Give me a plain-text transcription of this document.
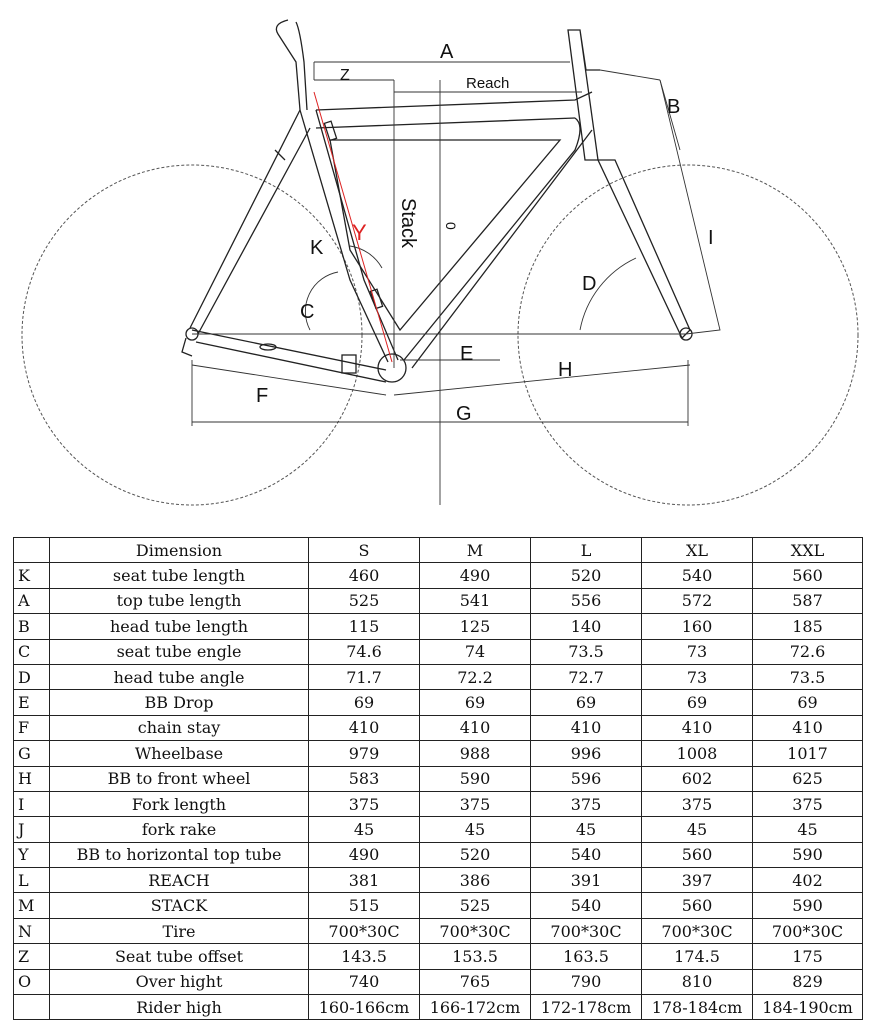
A
Z	Reach
B
Stack 0
Y
K	I
D
C
E
H
F
G
	Dimension	S	M	L	XL	XXL
K	seat tube length	460	490	520	540	560
A	top tube length	525	541	556	572	587
B	head tube length	115	125	140	160	185
C	seat tube engle	74.6	74	73.5	73	72.6
D	head tube angle	71.7	72.2	72.7	73	73.5
E	BB Drop	69	69	69	69	69
F	chain stay	410	410	410	410	410
G	Wheelbase	979	988	996	1008	1017
H	BB to front wheel	583	590	596	602	625
I	Fork length	375	375	375	375	375
J	fork rake	45	45	45	45	45
Y	BB to horizontal top tube	490	520	540	560	590
L	REACH	381	386	391	397	402
M	STACK	515	525	540	560	590
N	Tire	700*30C	700*30C	700*30C	700*30C	700*30C
Z	Seat tube offset	143.5	153.5	163.5	174.5	175
O	Over hight	740	765	790	810	829
	Rider high	160-166cm	166-172cm	172-178cm	178-184cm	184-190cm
